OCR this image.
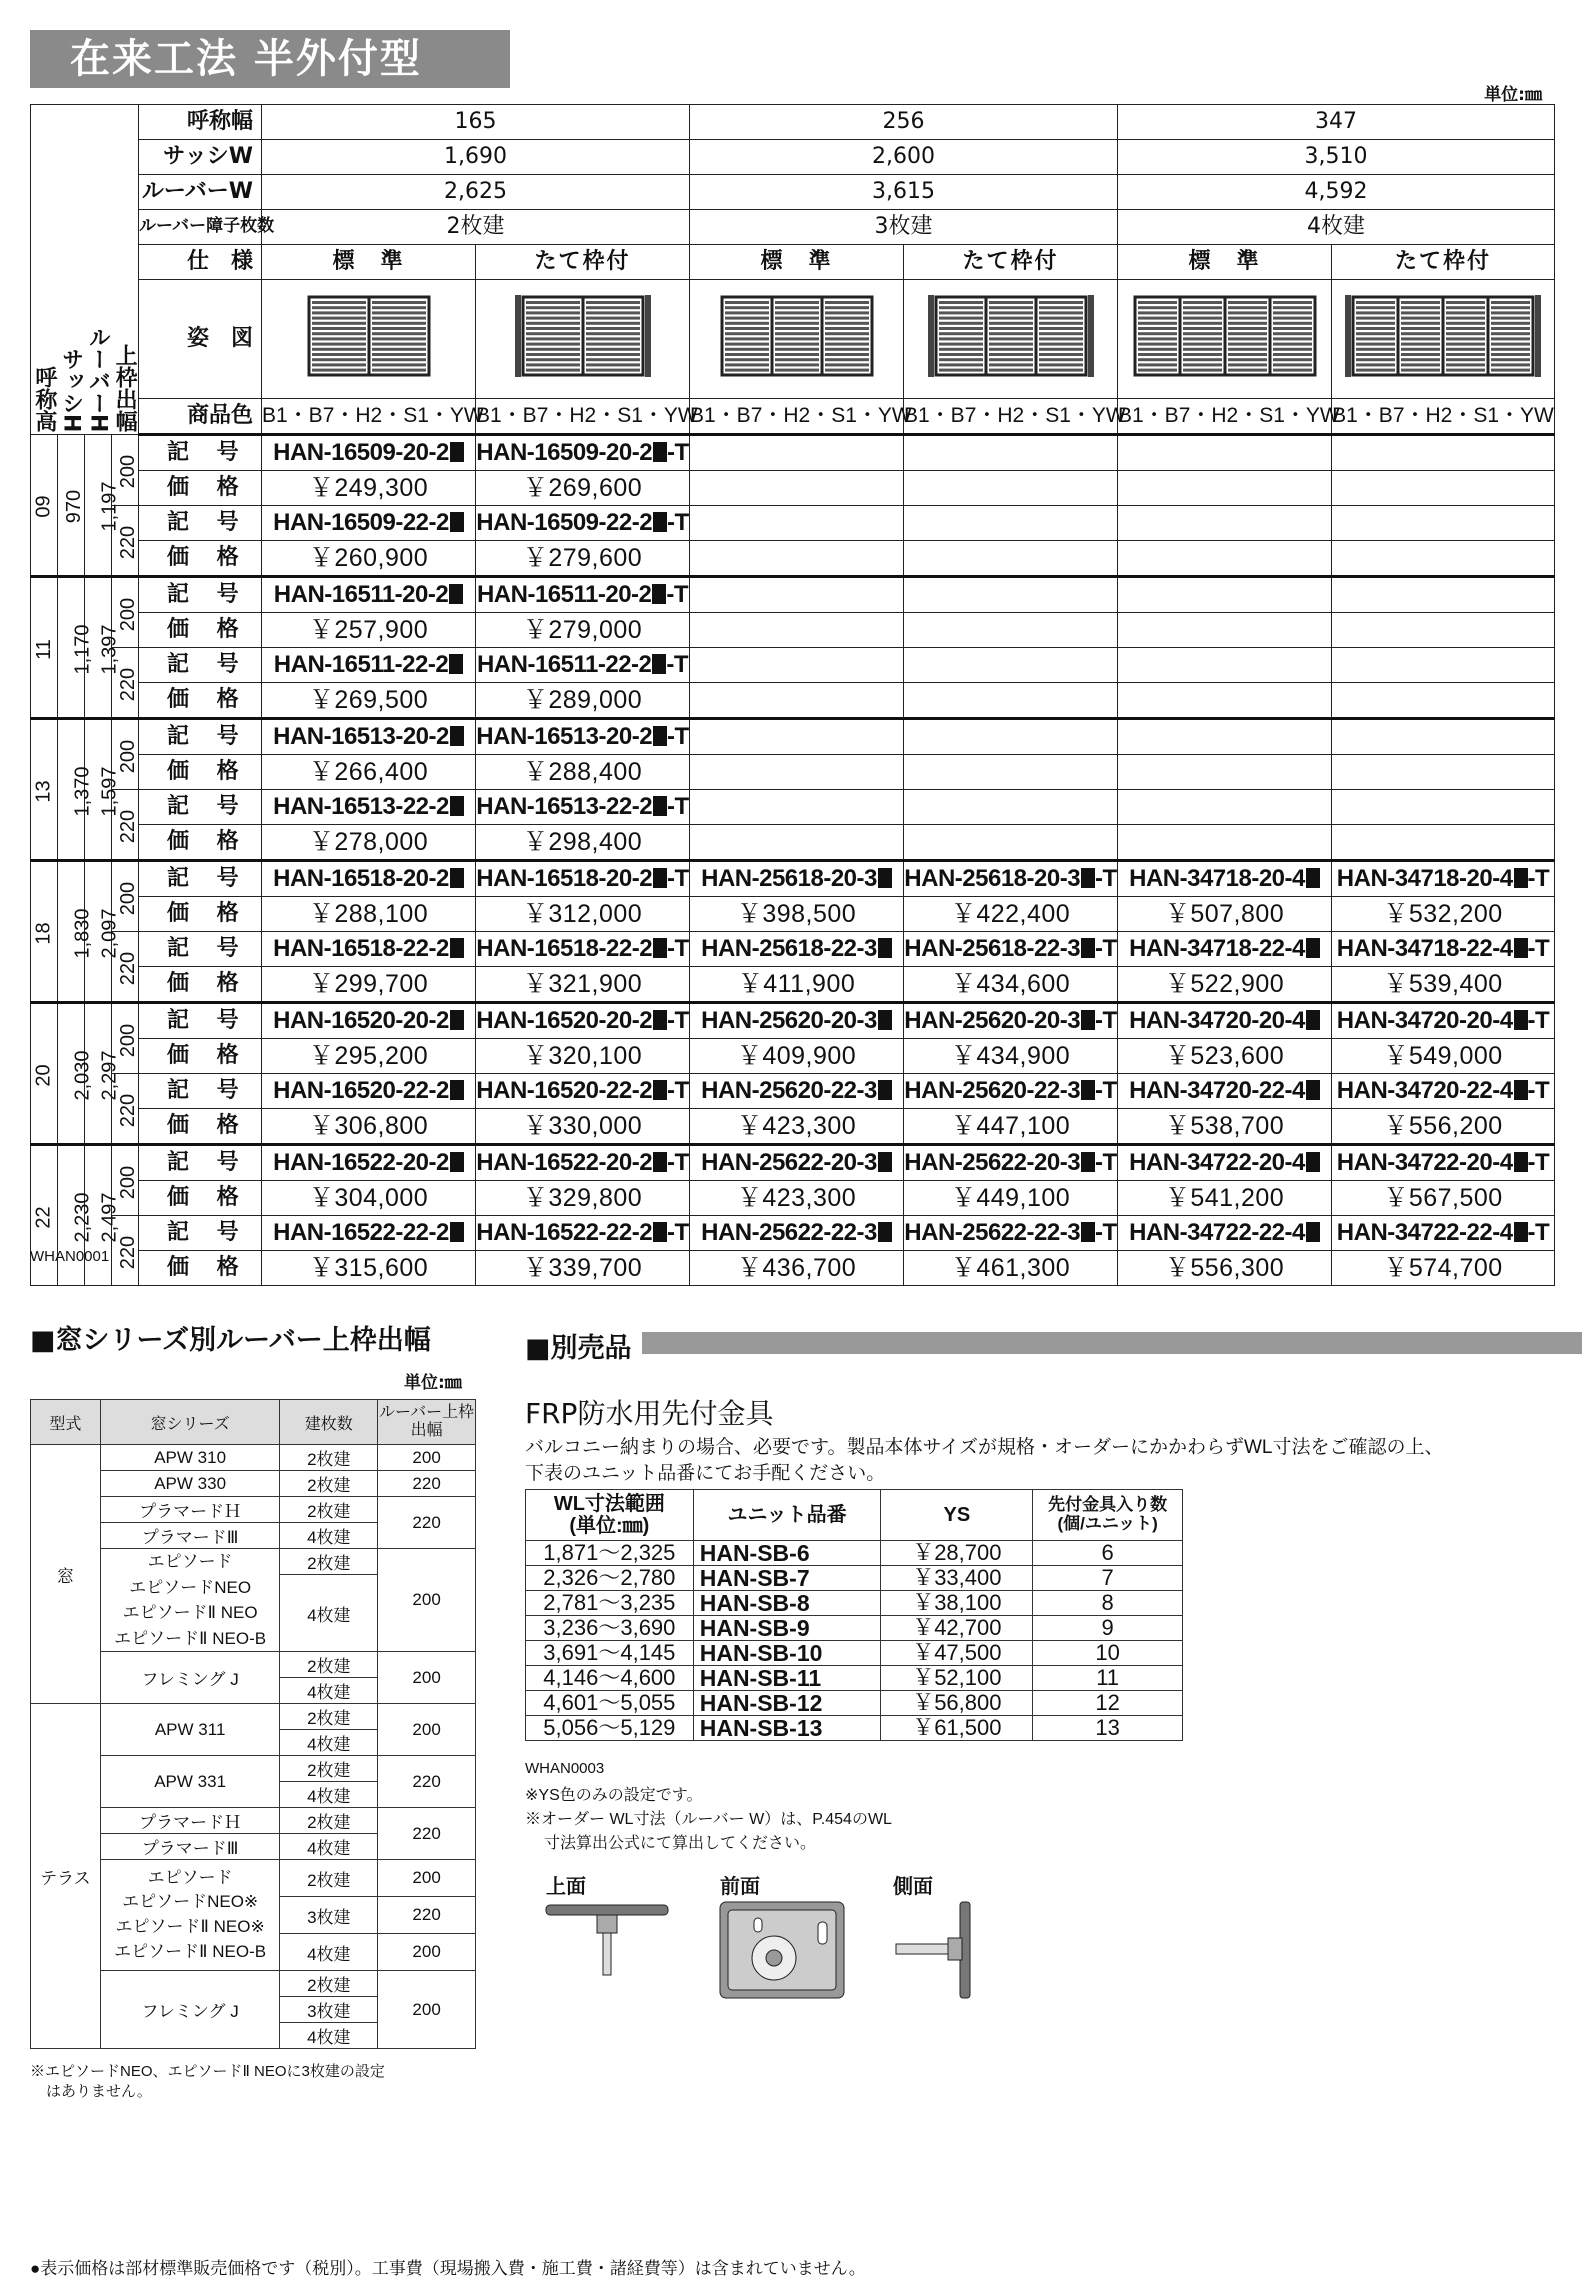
在来工法 半外付型
単位:㎜
呼称高 サッシH ルーバーH 上枠出幅				呼称幅	165		256		347	
				サッシW	1,690		2,600		3,510	
				ルーバーW	2,625		3,615		4,592	
				ルーバー障子枚数	2枚建		3枚建		4枚建	
				仕　様	標　準	たて枠付	標　準	たて枠付	標　準	たて枠付
				姿　図						

				商品色	B1・B7・H2・S1・YW	B1・B7・H2・S1・YW	B1・B7・H2・S1・YW	B1・B7・H2・S1・YW	B1・B7・H2・S1・YW	B1・B7・H2・S1・YW
09	970	1,197	200	記 号	HAN-16509-20-2	HAN-16509-20-2 -T				
				価 格	￥249,300	￥269,600				
			220	記 号	HAN-16509-22-2	HAN-16509-22-2 -T				
				価 格	￥260,900	￥279,600				
11	1,170	1,397	200	記 号	HAN-16511-20-2	HAN-16511-20-2 -T				
				価 格	￥257,900	￥279,000				
			220	記 号	HAN-16511-22-2	HAN-16511-22-2 -T				
				価 格	￥269,500	￥289,000				
13	1,370	1,597	200	記 号	HAN-16513-20-2	HAN-16513-20-2 -T				
				価 格	￥266,400	￥288,400				
			220	記 号	HAN-16513-22-2	HAN-16513-22-2 -T				
				価 格	￥278,000	￥298,400				
18	1,830	2,097	200	記 号	HAN-16518-20-2	HAN-16518-20-2 -T	HAN-25618-20-3	HAN-25618-20-3 -T	HAN-34718-20-4	HAN-34718-20-4 -T
				価 格	￥288,100	￥312,000	￥398,500	￥422,400	￥507,800	￥532,200
			220	記 号	HAN-16518-22-2	HAN-16518-22-2 -T	HAN-25618-22-3	HAN-25618-22-3 -T	HAN-34718-22-4	HAN-34718-22-4 -T
				価 格	￥299,700	￥321,900	￥411,900	￥434,600	￥522,900	￥539,400
20	2,030	2,297	200	記 号	HAN-16520-20-2	HAN-16520-20-2 -T	HAN-25620-20-3	HAN-25620-20-3 -T	HAN-34720-20-4	HAN-34720-20-4 -T
				価 格	￥295,200	￥320,100	￥409,900	￥434,900	￥523,600	￥549,000
			220	記 号	HAN-16520-22-2	HAN-16520-22-2 -T	HAN-25620-22-3	HAN-25620-22-3 -T	HAN-34720-22-4	HAN-34720-22-4 -T
				価 格	￥306,800	￥330,000	￥423,300	￥447,100	￥538,700	￥556,200
22	2,230	2,497	200	記 号	HAN-16522-20-2	HAN-16522-20-2 -T	HAN-25622-20-3	HAN-25622-20-3 -T	HAN-34722-20-4	HAN-34722-20-4 -T
				価 格	￥304,000	￥329,800	￥423,300	￥449,100	￥541,200	￥567,500
			220	記 号	HAN-16522-22-2	HAN-16522-22-2 -T	HAN-25622-22-3	HAN-25622-22-3 -T	HAN-34722-22-4	HAN-34722-22-4 -T
				価 格	￥315,600	￥339,700	￥436,700	￥461,300	￥556,300	￥574,700
WHAN0001
■窓シリーズ別ルーバー上枠出幅
単位:㎜
型式	窓シリーズ	建枚数	ルーバー上枠出幅
窓	APW 310	2枚建	200
	APW 330	2枚建	220
	プラマードＨ	2枚建	220
	プラマードⅢ	4枚建	
	エピソード
エピソードNEO
エピソードⅡ NEO
エピソードⅡ NEO-B	2枚建	200

		4枚建	

	フレミング J	2枚建	200
		4枚建	
テラス	APW 311	2枚建	200
		4枚建	
	APW 331	2枚建	220
		4枚建	
	プラマードＨ	2枚建	220
	プラマードⅢ	4枚建	
	エピソード
エピソードNEO※
エピソードⅡ NEO※
エピソードⅡ NEO-B	2枚建	200
		3枚建	220
		4枚建	200
	フレミング J	2枚建	200
		3枚建	
		4枚建	
※エピソードNEO、エピソードⅡ NEOに3枚建の設定
はありません。
■別売品
FRP防水用先付金具
バルコニー納まりの場合、必要です。製品本体サイズが規格・オーダーにかかわらずWL寸法をご確認の上、
下表のユニット品番にてお手配ください。
WL寸法範囲
(単位:㎜)	ユニット品番	YS	先付金具入り数
(個/ユニット)
1,871～2,325	HAN-SB-6	￥28,700	6
2,326～2,780	HAN-SB-7	￥33,400	7
2,781～3,235	HAN-SB-8	￥38,100	8
3,236～3,690	HAN-SB-9	￥42,700	9
3,691～4,145	HAN-SB-10	￥47,500	10
4,146～4,600	HAN-SB-11	￥52,100	11
4,601～5,055	HAN-SB-12	￥56,800	12
5,056～5,129	HAN-SB-13	￥61,500	13
WHAN0003
※YS色のみの設定です。
※オーダー WL寸法（ルーバー W）は、P.454のWL
寸法算出公式にて算出してください。
上面	前面	側面
●表示価格は部材標準販売価格です（税別）。工事費（現場搬入費・施工費・諸経費等）は含まれていません。
